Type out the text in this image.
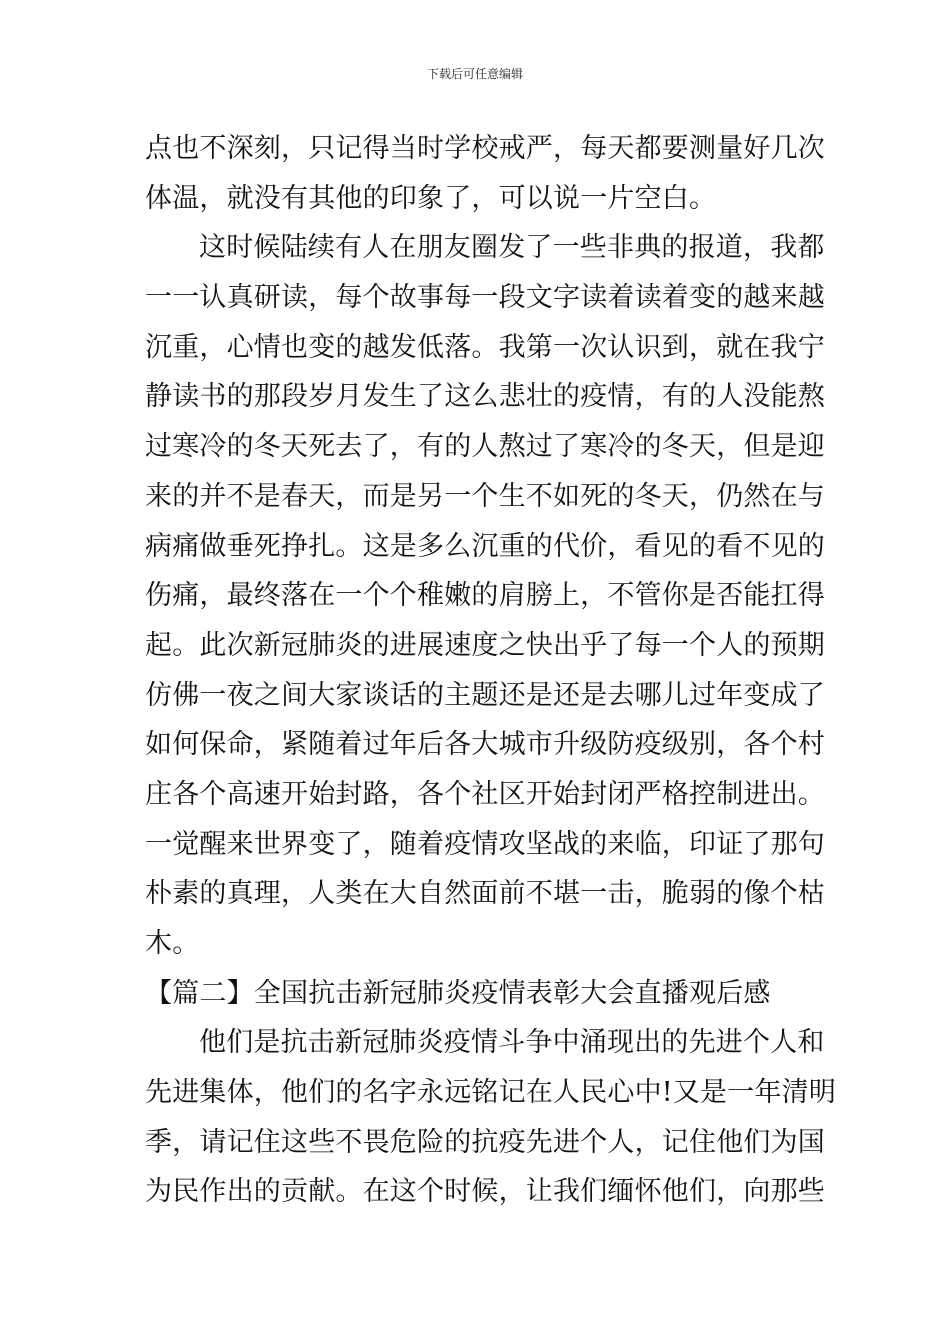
下载后可任意编辑
点也不深刻，只记得当时学校戒严，每天都要测量好几次
体温，就没有其他的印象了，可以说一片空白。
这时候陆续有人在朋友圈发了一些非典的报道，我都
一一认真研读，每个故事每一段文字读着读着变的越来越
沉重，心情也变的越发低落。我第一次认识到，就在我宁
静读书的那段岁月发生了这么悲壮的疫情，有的人没能熬
过寒冷的冬天死去了，有的人熬过了寒冷的冬天，但是迎
来的并不是春天，而是另一个生不如死的冬天，仍然在与
病痛做垂死挣扎。这是多么沉重的代价，看见的看不见的
伤痛，最终落在一个个稚嫩的肩膀上，不管你是否能扛得
起。此次新冠肺炎的进展速度之快出乎了每一个人的预期
仿佛一夜之间大家谈话的主题还是还是去哪儿过年变成了
如何保命，紧随着过年后各大城市升级防疫级别，各个村
庄各个高速开始封路，各个社区开始封闭严格控制进出。
一觉醒来世界变了，随着疫情攻坚战的来临，印证了那句
朴素的真理，人类在大自然面前不堪一击，脆弱的像个枯
木。
【篇二】全国抗击新冠肺炎疫情表彰大会直播观后感
他们是抗击新冠肺炎疫情斗争中涌现出的先进个人和
先进集体，他们的名字永远铭记在人民心中!又是一年清明
季，请记住这些不畏危险的抗疫先进个人，记住他们为国
为民作出的贡献。在这个时候，让我们缅怀他们，向那些
